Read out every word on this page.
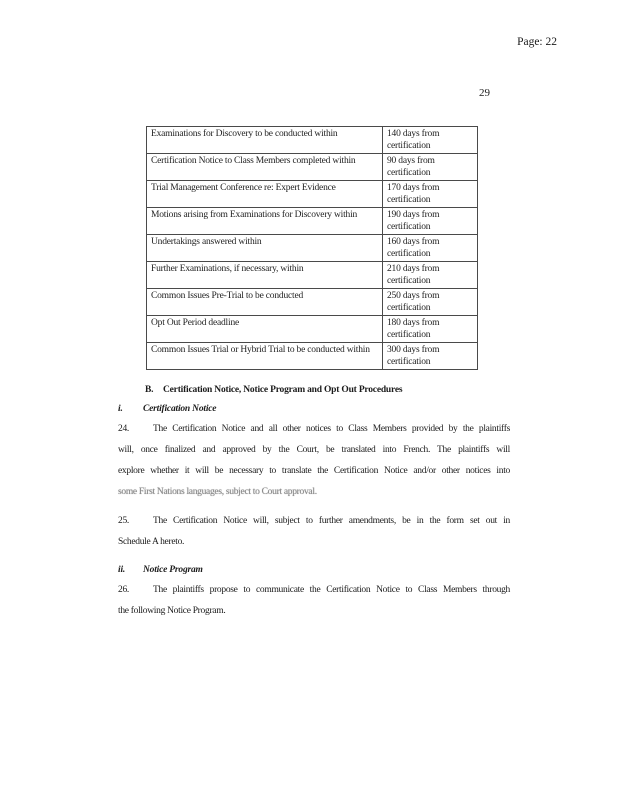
Page: 22
29
Examinations for Discovery to be conducted within	140 days from certification
Certification Notice to Class Members completed within	90 days from certification
Trial Management Conference re: Expert Evidence	170 days from certification
Motions arising from Examinations for Discovery within	190 days from certification
Undertakings answered within	160 days from certification
Further Examinations, if necessary, within	210 days from certification
Common Issues Pre-Trial to be conducted	250 days from certification
Opt Out Period deadline	180 days from certification
Common Issues Trial or Hybrid Trial to be conducted within	300 days from certification
B. Certification Notice, Notice Program and Opt Out Procedures
i. Certification Notice
24.	The Certification Notice and all other notices to Class Members provided by the plaintiffs
will, once finalized and approved by the Court, be translated into French. The plaintiffs will
explore whether it will be necessary to translate the Certification Notice and/or other notices into
some First Nations languages, subject to Court approval.
25.	The Certification Notice will, subject to further amendments, be in the form set out in
Schedule A hereto.
ii. Notice Program
26.	The plaintiffs propose to communicate the Certification Notice to Class Members through
the following Notice Program.
